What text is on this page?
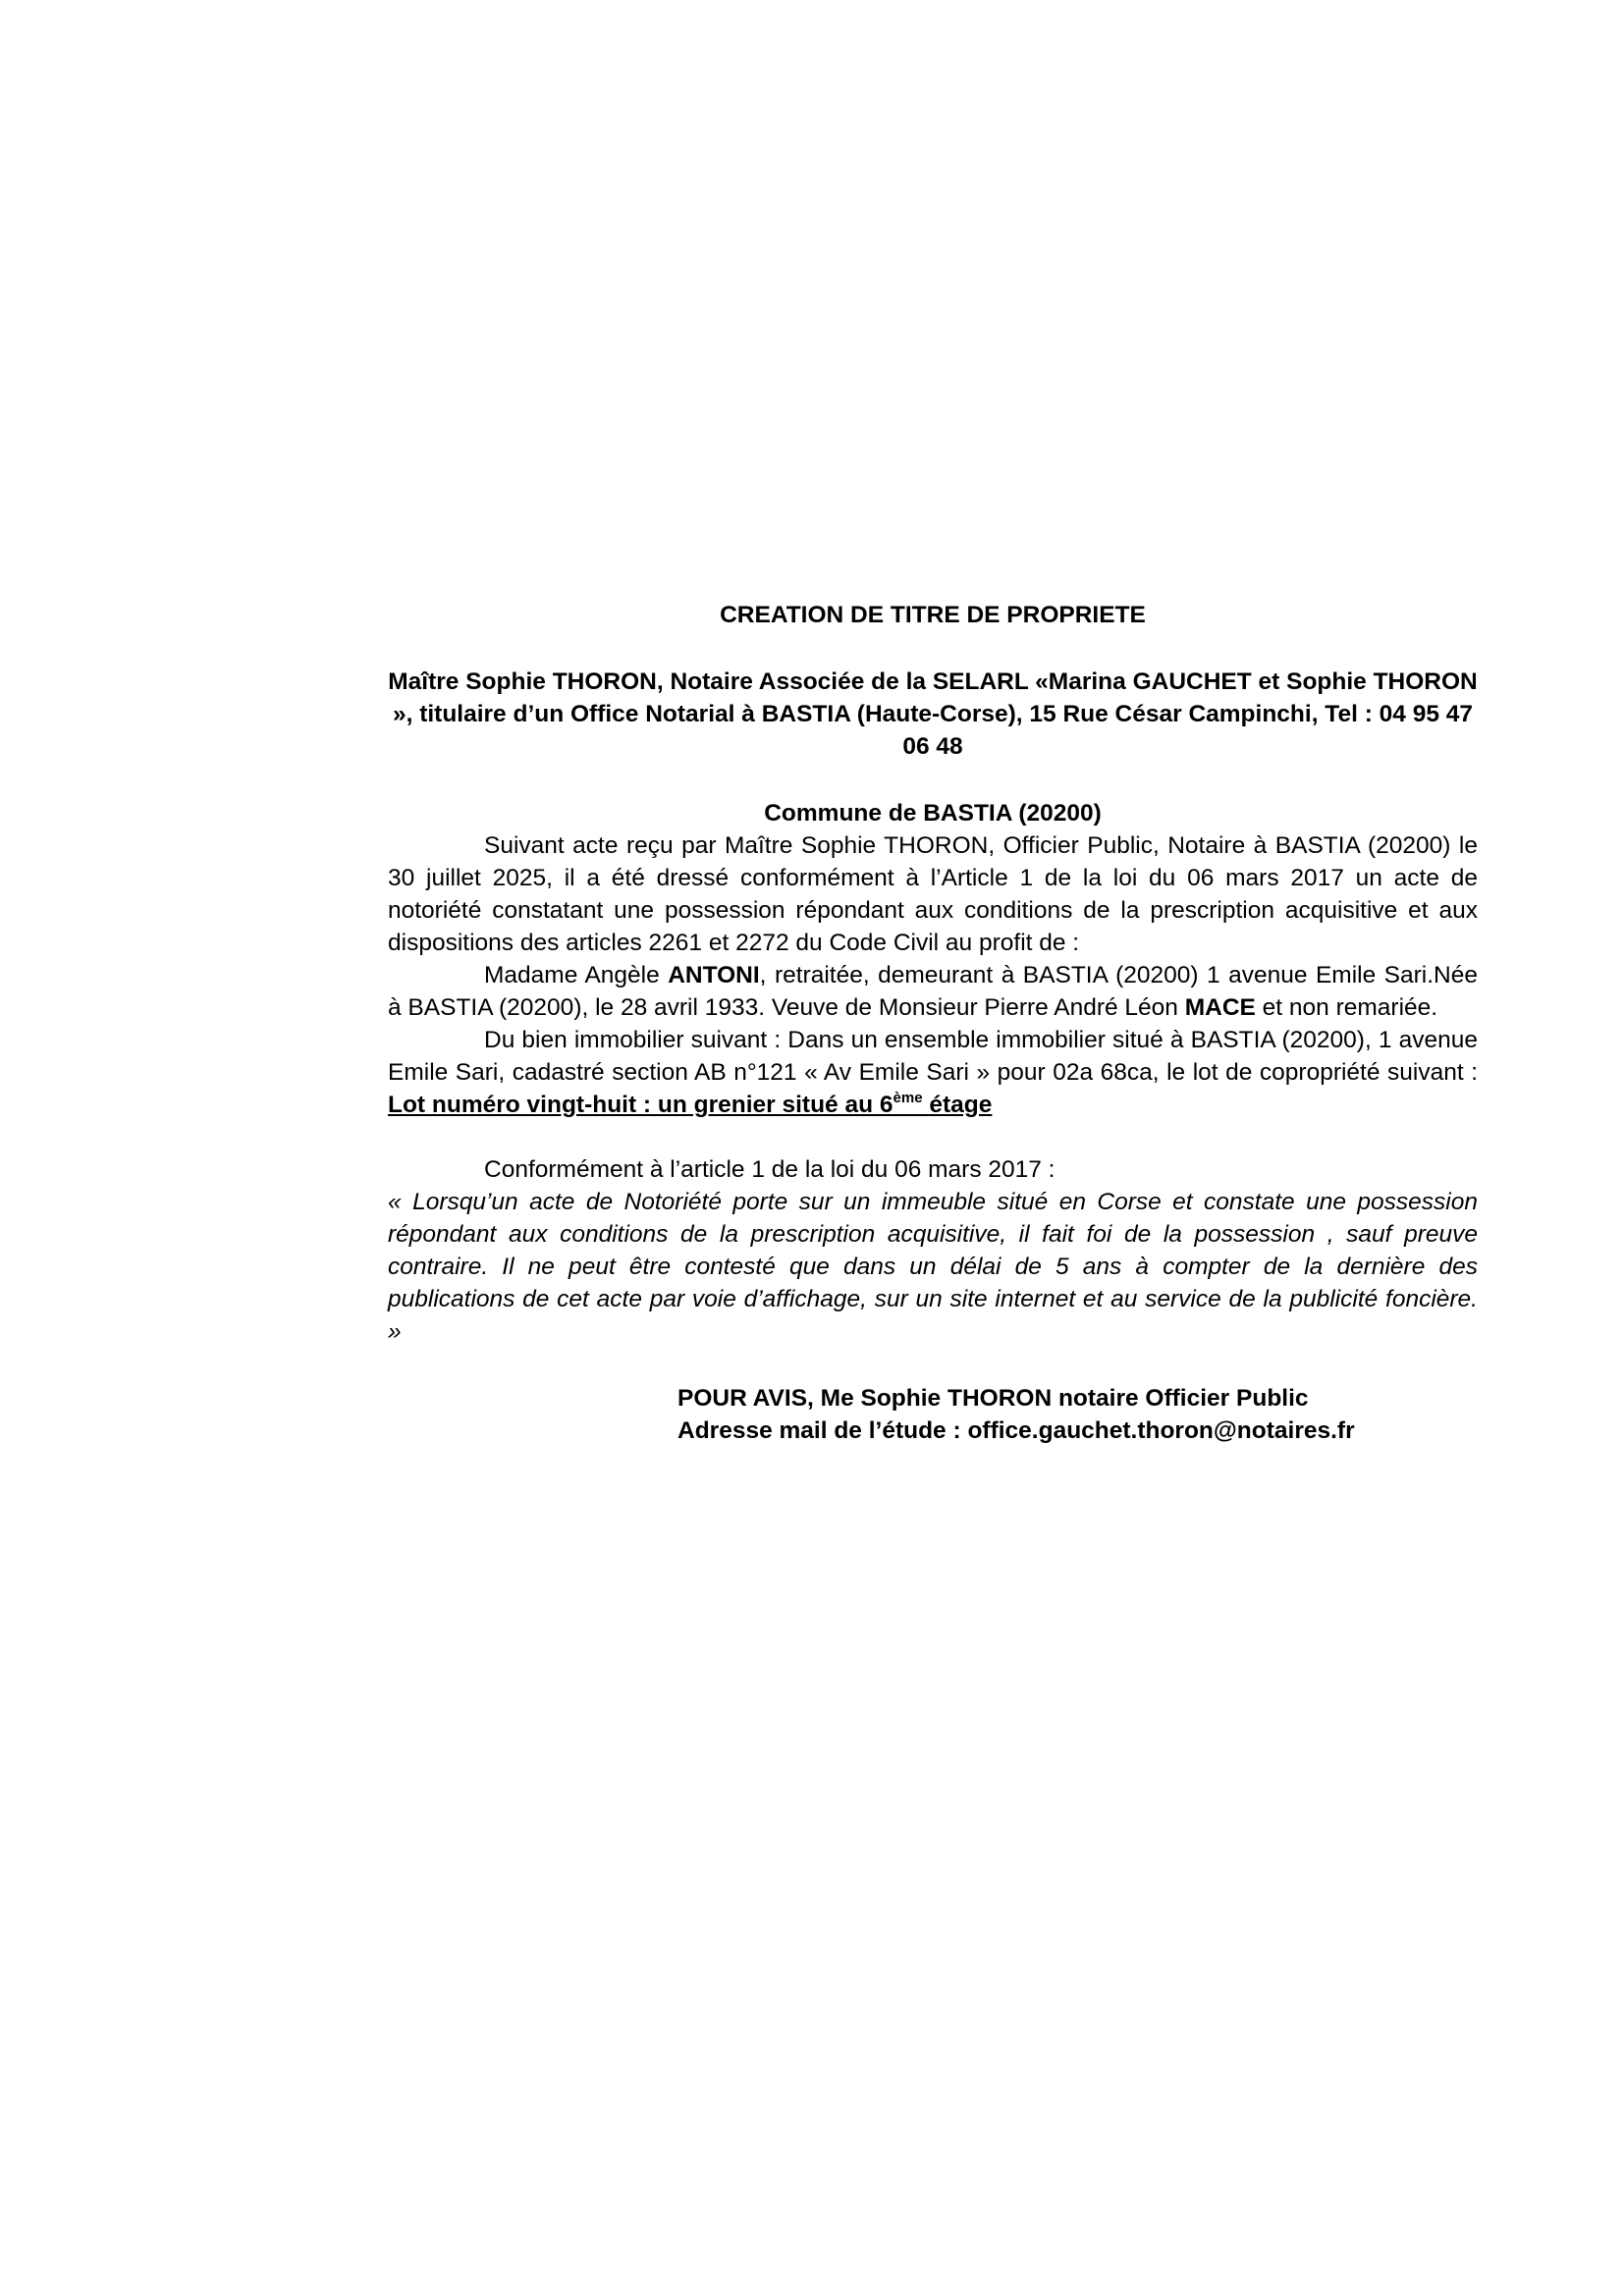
CREATION DE TITRE DE PROPRIETE

Maître Sophie THORON, Notaire Associée de la SELARL «Marina GAUCHET et Sophie THORON », titulaire d’un Office Notarial à BASTIA (Haute-Corse), 15 Rue César Campinchi, Tel : 04 95 47 06 48

Commune de BASTIA (20200)

Suivant acte reçu par Maître Sophie THORON, Officier Public, Notaire à BASTIA (20200) le 30 juillet 2025, il a été dressé conformément à l’Article 1 de la loi du 06 mars 2017 un acte de notoriété constatant une possession répondant aux conditions de la prescription acquisitive et aux dispositions des articles 2261 et 2272 du Code Civil au profit de :

Madame Angèle ANTONI, retraitée, demeurant à BASTIA (20200) 1 avenue Emile Sari.Née à BASTIA (20200), le 28 avril 1933. Veuve de Monsieur Pierre André Léon MACE et non remariée.

Du bien immobilier suivant : Dans un ensemble immobilier situé à BASTIA (20200), 1 avenue Emile Sari, cadastré section AB n°121 « Av Emile Sari » pour 02a 68ca, le lot de copropriété suivant : Lot numéro vingt-huit : un grenier situé au 6ème étage

Conformément à l’article 1 de la loi du 06 mars 2017 :

« Lorsqu’un acte de Notoriété porte sur un immeuble situé en Corse et constate une possession répondant aux conditions de la prescription acquisitive, il fait foi de la possession , sauf preuve contraire. Il ne peut être contesté que dans un délai de 5 ans à compter de la dernière des publications de cet acte par voie d’affichage, sur un site internet et au service de la publicité foncière. »

POUR AVIS, Me Sophie THORON notaire Officier Public
Adresse mail de l’étude : office.gauchet.thoron@notaires.fr
